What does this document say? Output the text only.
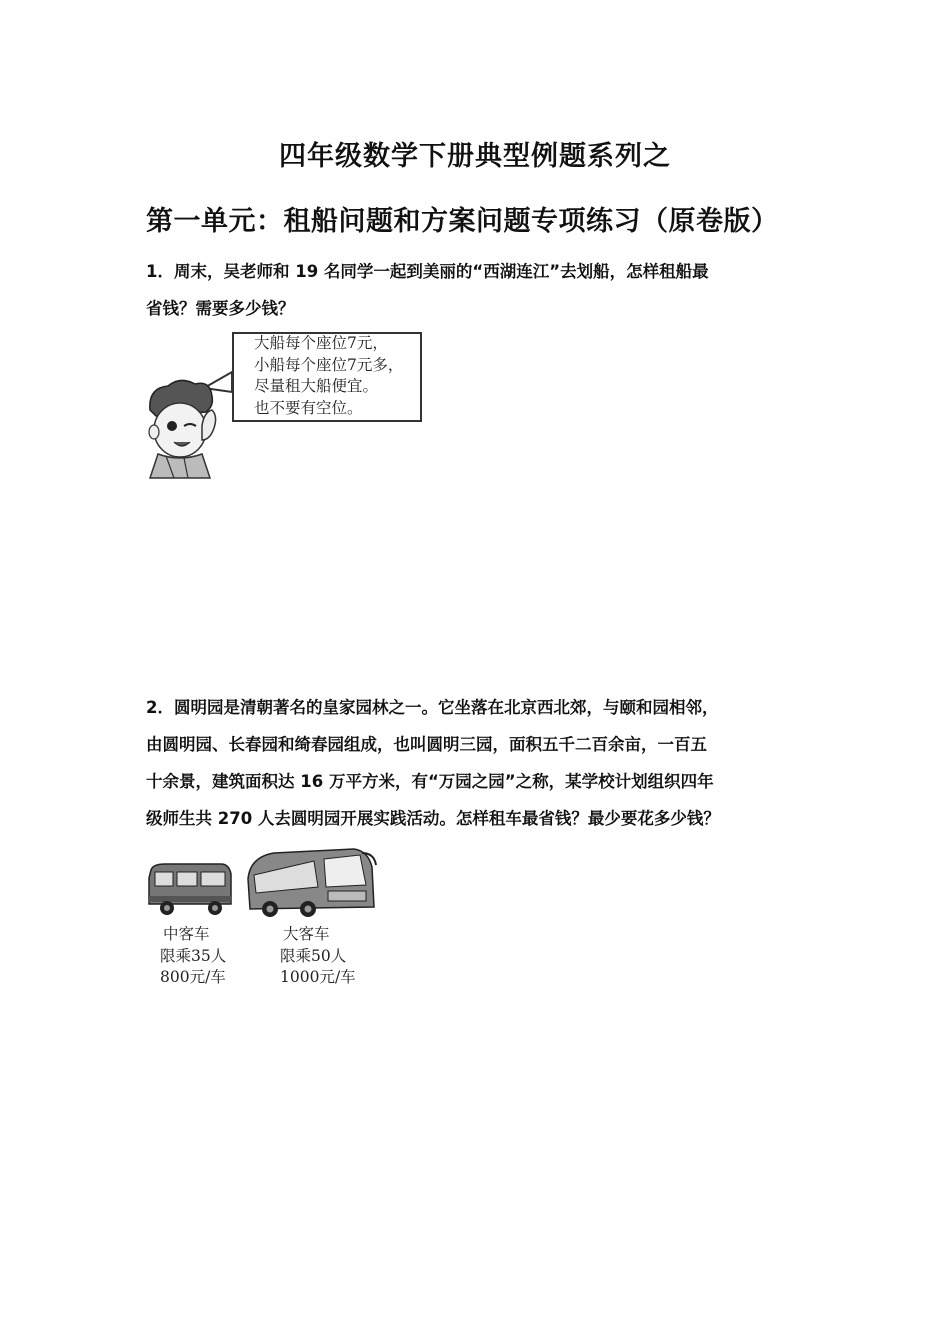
四年级数学下册典型例题系列之
第一单元：租船问题和方案问题专项练习（原卷版）
1．周末，吴老师和 19 名同学一起到美丽的“西湖连江”去划船，怎样租船最
省钱？需要多少钱？
大船每个座位7元，
小船每个座位7元多，
尽量租大船便宜。
也不要有空位。
2．圆明园是清朝著名的皇家园林之一。它坐落在北京西北郊，与颐和园相邻，
由圆明园、长春园和绮春园组成，也叫圆明三园，面积五千二百余亩，一百五
十余景，建筑面积达 16 万平方米，有“万园之园”之称，某学校计划组织四年
级师生共 270 人去圆明园开展实践活动。怎样租车最省钱？最少要花多少钱？
中客车
限乘35人
800元/车
大客车
限乘50人
1000元/车
